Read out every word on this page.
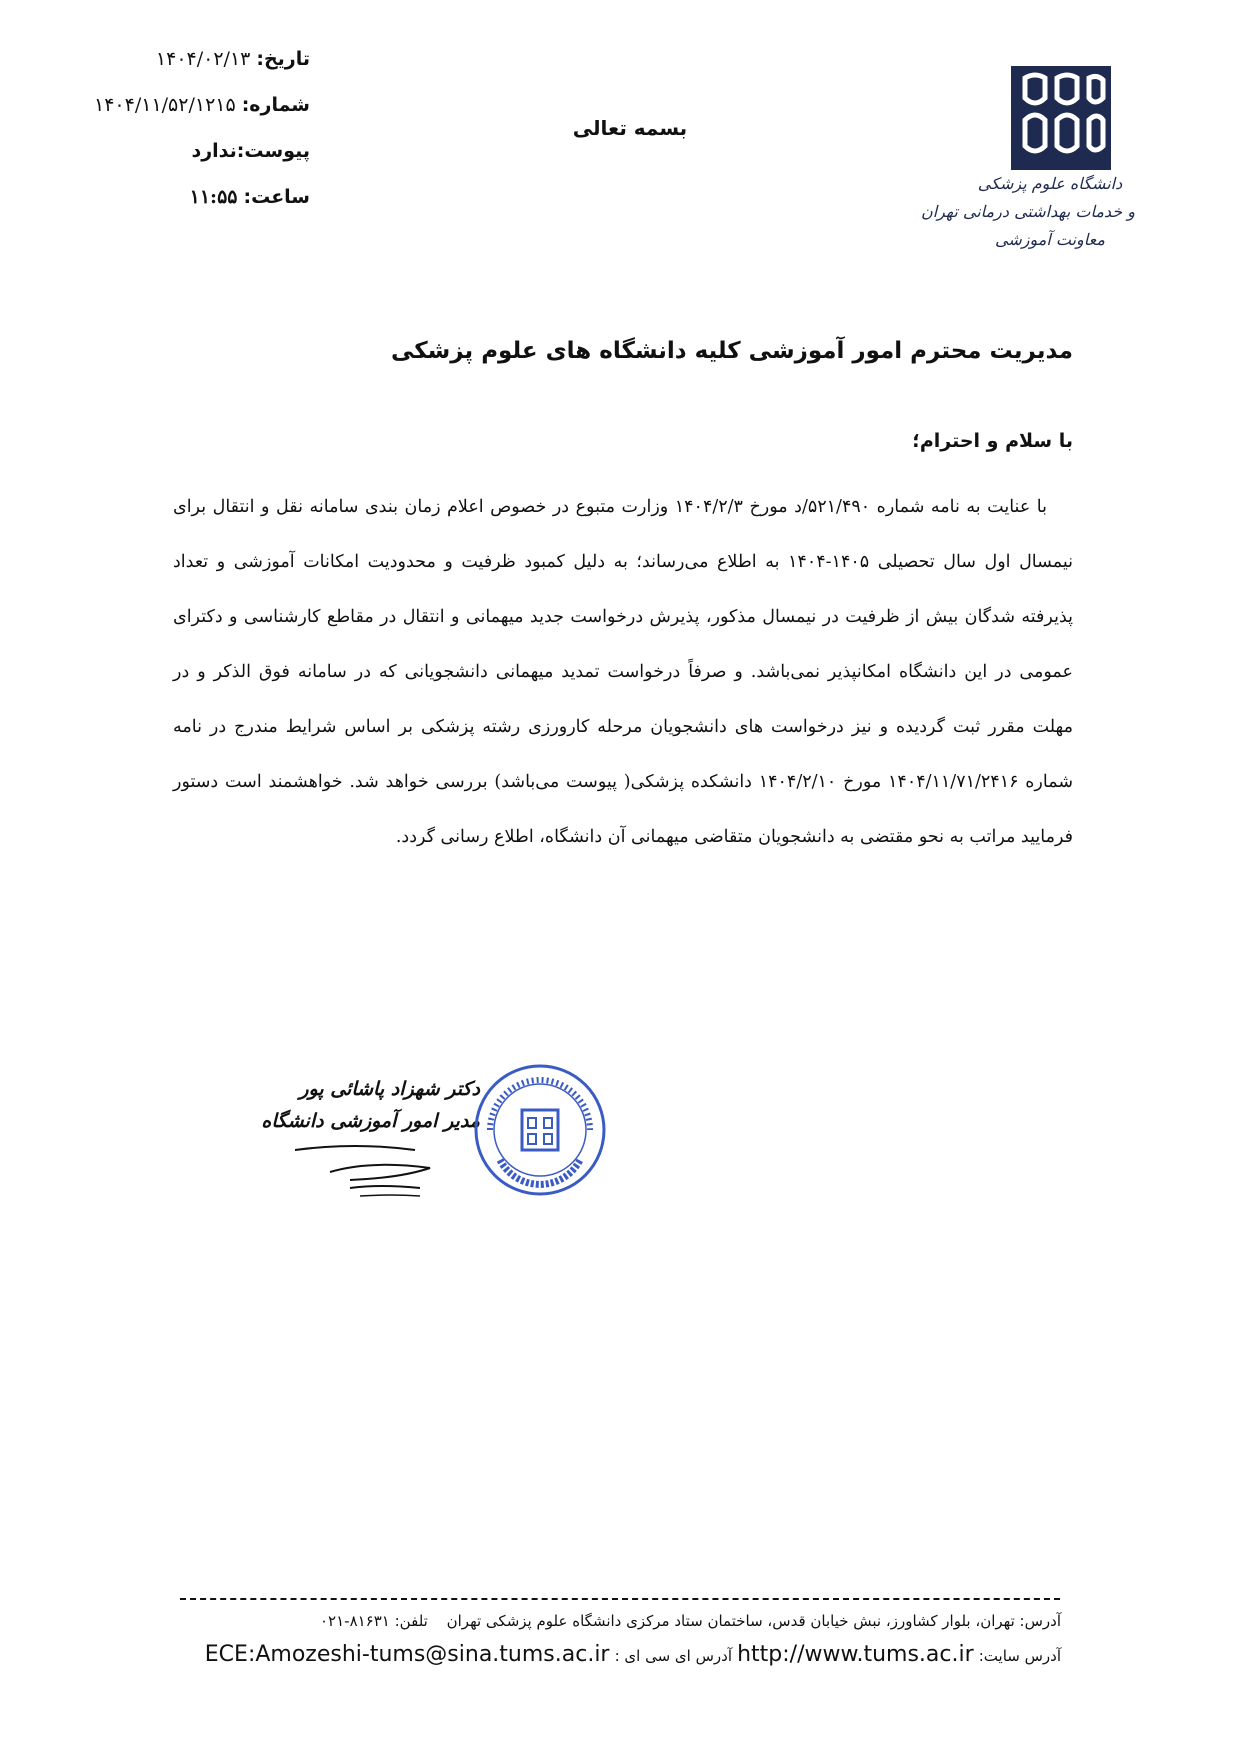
تاریخ:
۱۴۰۴/۰۲/۱۳
شماره:
۱۴۰۴/۱۱/۵۲/۱۲۱۵
پیوست:
ندارد
ساعت:
۱۱:۵۵
بسمه تعالی
دانشگاه علوم پزشکی
و خدمات بهداشتی درمانی تهران
معاونت آموزشی
مدیریت محترم امور آموزشی کلیه دانشگاه های علوم پزشکی
با سلام و احترام؛

با عنایت به نامه شماره ۵۲۱/۴۹۰/د مورخ ۱۴۰۴/۲/۳ وزارت متبوع در خصوص اعلام زمان بندی سامانه نقل و انتقال برای نیمسال اول سال تحصیلی ۱۴۰۵-۱۴۰۴ به اطلاع می‌رساند؛ به دلیل کمبود ظرفیت و محدودیت امکانات آموزشی و تعداد پذیرفته شدگان بیش از ظرفیت در نیمسال مذکور، پذیرش درخواست جدید میهمانی و انتقال در مقاطع کارشناسی و دکترای عمومی در این دانشگاه امکانپذیر نمی‌باشد. و صرفاً درخواست تمدید میهمانی دانشجویانی که در سامانه فوق الذکر و در مهلت مقرر ثبت گردیده و نیز درخواست های دانشجویان مرحله کارورزی رشته پزشکی بر اساس شرایط مندرج در نامه شماره ۱۴۰۴/۱۱/۷۱/۲۴۱۶ مورخ ۱۴۰۴/۲/۱۰ دانشکده پزشکی( پیوست می‌باشد) بررسی خواهد شد. خواهشمند است دستور فرمایید مراتب به نحو مقتضی به دانشجویان متقاضی میهمانی آن دانشگاه، اطلاع رسانی گردد.

دکتر شهزاد پاشائی پور
مدیر امور آموزشی دانشگاه
آدرس: تهران، بلوار کشاورز، نبش خیابان قدس، ساختمان ستاد مرکزی دانشگاه علوم پزشکی تهران تلفن: ۸۱۶۳۱-۰۲۱
آدرس سایت: http://www.tums.ac.ir آدرس ای سی ای : ECE:Amozeshi-tums@sina.tums.ac.ir
